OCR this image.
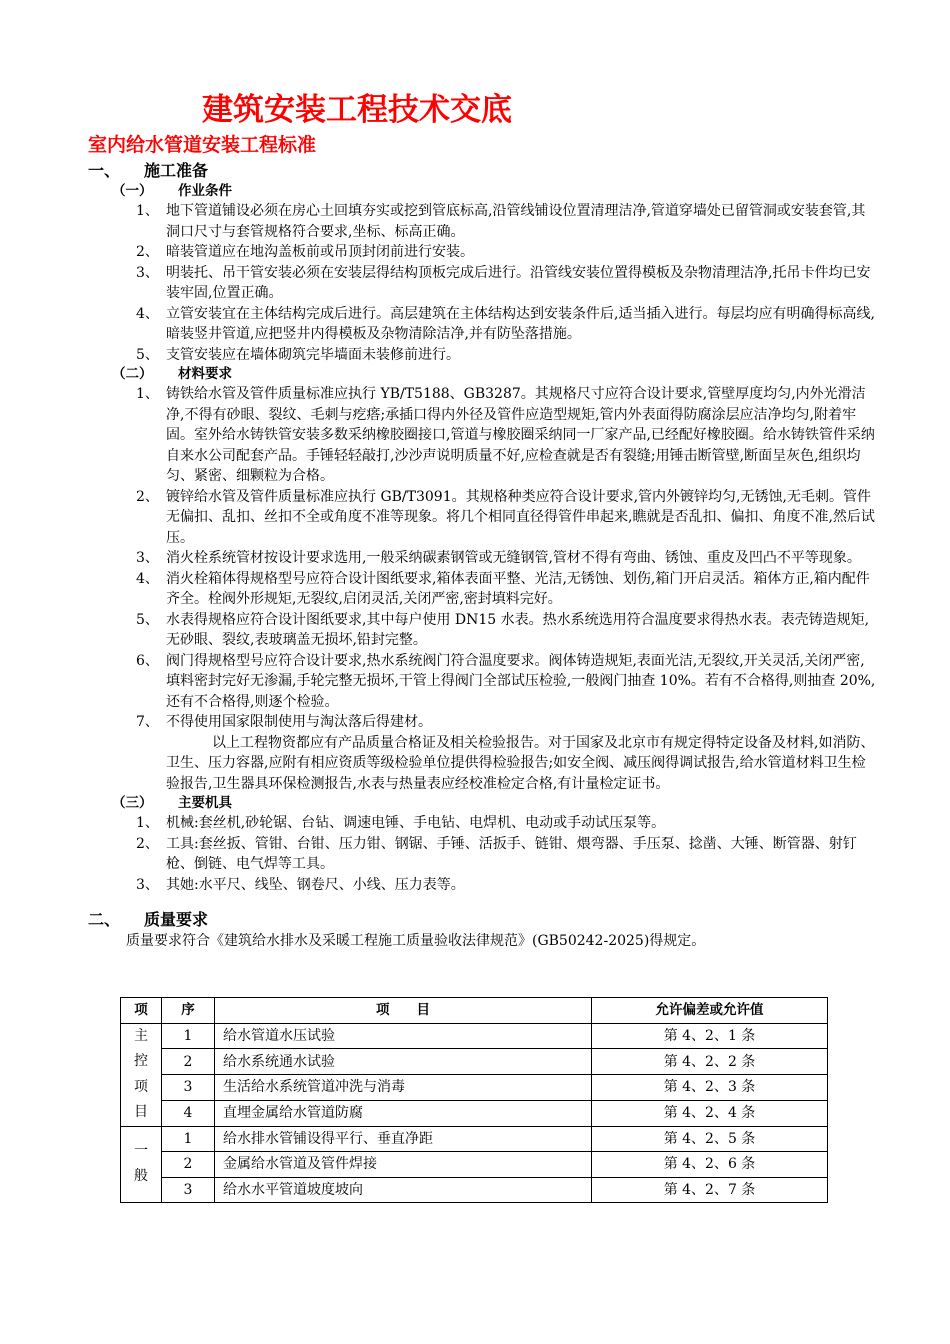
建筑安装工程技术交底
室内给水管道安装工程标准
一、 施工准备
（一） 作业条件
1、 地下管道铺设必须在房心土回填夯实或挖到管底标高,沿管线铺设位置清理洁净,管道穿墙处已留管洞或安装套管,其洞口尺寸与套管规格符合要求,坐标、标高正确。
2、 暗装管道应在地沟盖板前或吊顶封闭前进行安装。
3、 明装托、吊干管安装必须在安装层得结构顶板完成后进行。沿管线安装位置得模板及杂物清理洁净,托吊卡件均已安装牢固,位置正确。
4、 立管安装宜在主体结构完成后进行。高层建筑在主体结构达到安装条件后,适当插入进行。每层均应有明确得标高线,暗装竖井管道,应把竖井内得模板及杂物清除洁净,并有防坠落措施。
5、 支管安装应在墙体砌筑完毕墙面未装修前进行。
（二） 材料要求
1、 铸铁给水管及管件质量标准应执行 YB/T5188、GB3287。其规格尺寸应符合设计要求,管壁厚度均匀,内外光滑洁净,不得有砂眼、裂纹、毛刺与疙瘩;承插口得内外径及管件应造型规矩,管内外表面得防腐涂层应洁净均匀,附着牢固。室外给水铸铁管安装多数采纳橡胶圈接口,管道与橡胶圈采纳同一厂家产品,已经配好橡胶圈。给水铸铁管件采纳自来水公司配套产品。手锤轻轻敲打,沙沙声说明质量不好,应检查就是否有裂缝;用锤击断管壁,断面呈灰色,组织均匀、紧密、细颗粒为合格。
2、 镀锌给水管及管件质量标准应执行 GB/T3091。其规格种类应符合设计要求,管内外镀锌均匀,无锈蚀,无毛刺。管件无偏扣、乱扣、丝扣不全或角度不准等现象。将几个相同直径得管件串起来,瞧就是否乱扣、偏扣、角度不准,然后试压。
3、 消火栓系统管材按设计要求选用,一般采纳碳素钢管或无缝钢管,管材不得有弯曲、锈蚀、重皮及凹凸不平等现象。
4、 消火栓箱体得规格型号应符合设计图纸要求,箱体表面平整、光洁,无锈蚀、划伤,箱门开启灵活。箱体方正,箱内配件齐全。栓阀外形规矩,无裂纹,启闭灵活,关闭严密,密封填料完好。
5、 水表得规格应符合设计图纸要求,其中每户使用 DN15 水表。热水系统选用符合温度要求得热水表。表壳铸造规矩,无砂眼、裂纹,表玻璃盖无损坏,铅封完整。
6、 阀门得规格型号应符合设计要求,热水系统阀门符合温度要求。阀体铸造规矩,表面光洁,无裂纹,开关灵活,关闭严密,填料密封完好无渗漏,手轮完整无损坏,干管上得阀门全部试压检验,一般阀门抽查 10%。若有不合格得,则抽查 20%,还有不合格得,则逐个检验。
7、 不得使用国家限制使用与淘汰落后得建材。
以上工程物资都应有产品质量合格证及相关检验报告。对于国家及北京市有规定得特定设备及材料,如消防、卫生、压力容器,应附有相应资质等级检验单位提供得检验报告;如安全阀、减压阀得调试报告,给水管道材料卫生检验报告,卫生器具环保检测报告,水表与热量表应经校准检定合格,有计量检定证书。
（三） 主要机具
1、 机械:套丝机,砂轮锯、台钻、调速电锤、手电钻、电焊机、电动或手动试压泵等。
2、 工具:套丝扳、管钳、台钳、压力钳、钢锯、手锤、活扳手、链钳、煨弯器、手压泵、捻凿、大锤、断管器、射钉枪、倒链、电气焊等工具。
3、 其她:水平尺、线坠、钢卷尺、小线、压力表等。
二、 质量要求
质量要求符合《建筑给水排水及采暖工程施工质量验收法律规范》(GB50242-2025)得规定。
项	序	项　　目	允许偏差或允许值
主控项目	1	给水管道水压试验	第 4、2、1 条
	2	给水系统通水试验	第 4、2、2 条
	3	生活给水系统管道冲洗与消毒	第 4、2、3 条
	4	直埋金属给水管道防腐	第 4、2、4 条
一般	1	给水排水管铺设得平行、垂直净距	第 4、2、5 条
	2	金属给水管道及管件焊接	第 4、2、6 条
	3	给水水平管道坡度坡向	第 4、2、7 条
